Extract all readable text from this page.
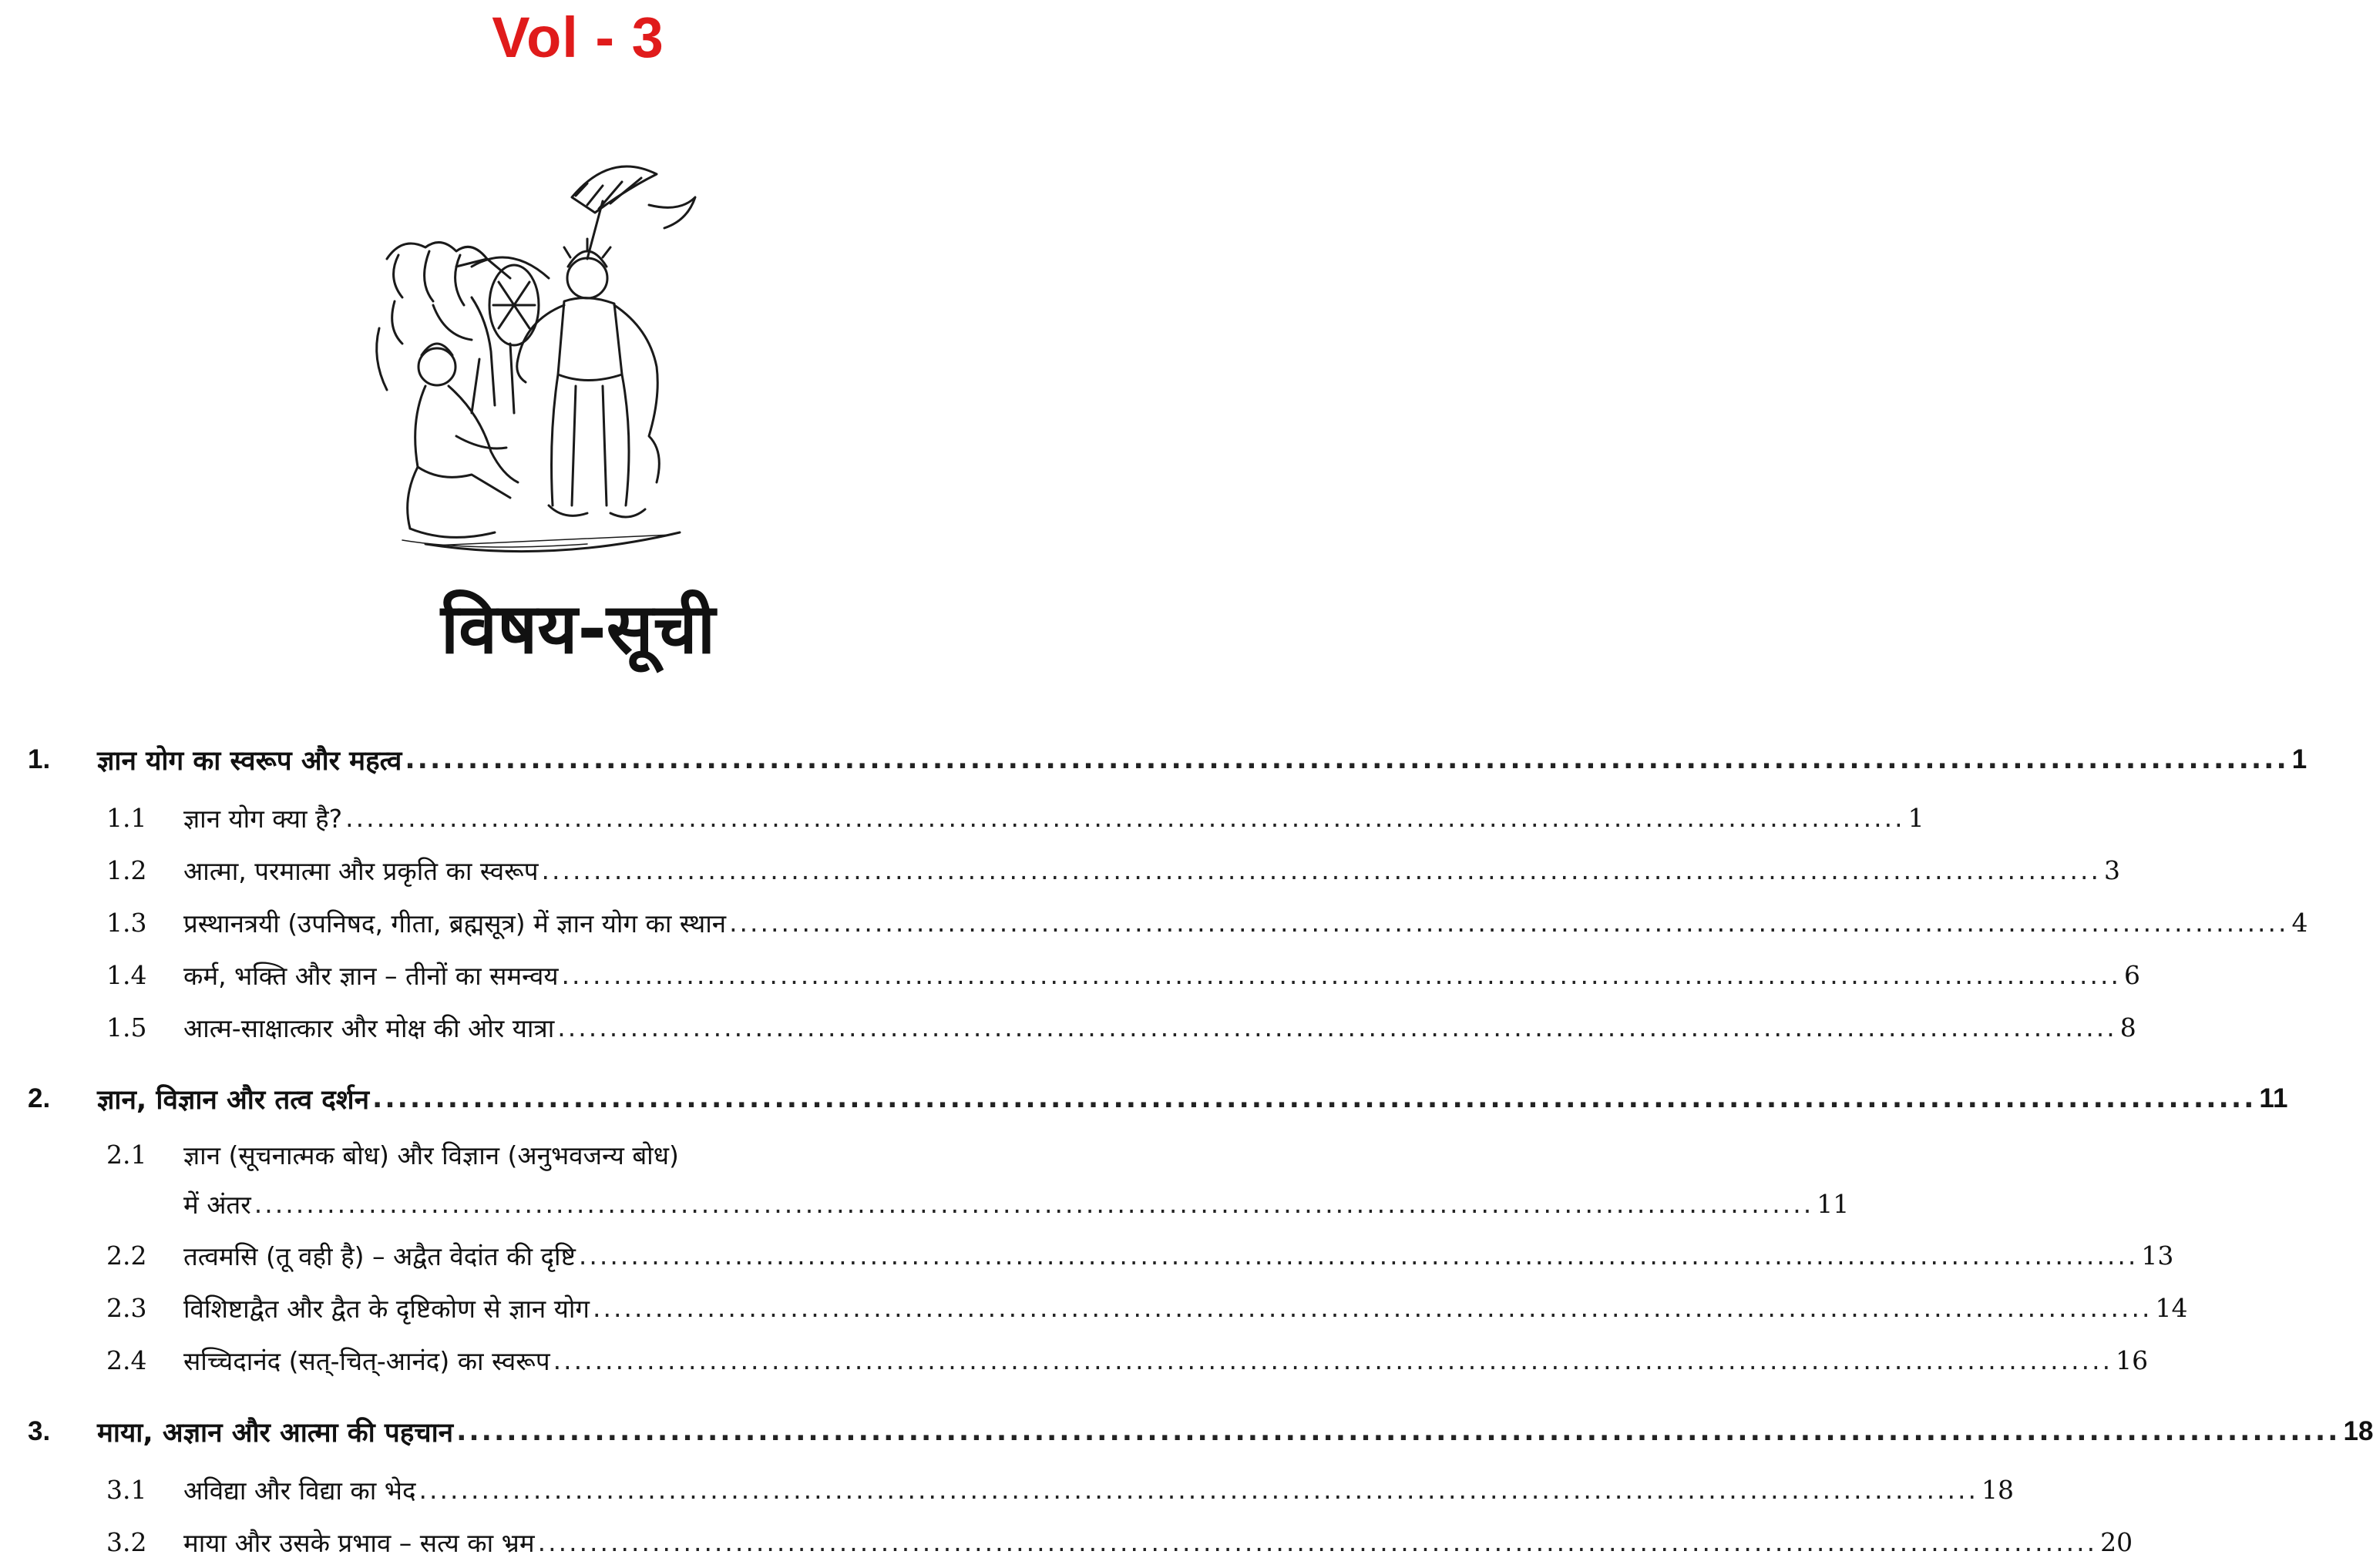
Vol - 3
विषय-सूची
1.	ज्ञान योग का स्वरूप और महत्व ...................................................................................................................................................... 1
1.1	ज्ञान योग क्या है? ...................................................................................................................................................... 1
1.2	आत्मा, परमात्मा और प्रकृति का स्वरूप ...................................................................................................................................................... 3
1.3	प्रस्थानत्रयी (उपनिषद, गीता, ब्रह्मसूत्र) में ज्ञान योग का स्थान ...................................................................................................................................................... 4
1.4	कर्म, भक्ति और ज्ञान – तीनों का समन्वय ...................................................................................................................................................... 6
1.5	आत्म-साक्षात्कार और मोक्ष की ओर यात्रा ...................................................................................................................................................... 8
2.	ज्ञान, विज्ञान और तत्व दर्शन ...................................................................................................................................................... 11
2.1	ज्ञान (सूचनात्मक बोध) और विज्ञान (अनुभवजन्य बोध)
में अंतर ...................................................................................................................................................... 11
2.2	तत्वमसि (तू वही है) – अद्वैत वेदांत की दृष्टि ...................................................................................................................................................... 13
2.3	विशिष्टाद्वैत और द्वैत के दृष्टिकोण से ज्ञान योग ...................................................................................................................................................... 14
2.4	सच्चिदानंद (सत्-चित्-आनंद) का स्वरूप ...................................................................................................................................................... 16
3.	माया, अज्ञान और आत्मा की पहचान ...................................................................................................................................................... 18
3.1	अविद्या और विद्या का भेद ...................................................................................................................................................... 18
3.2	माया और उसके प्रभाव – सत्य का भ्रम ...................................................................................................................................................... 20
